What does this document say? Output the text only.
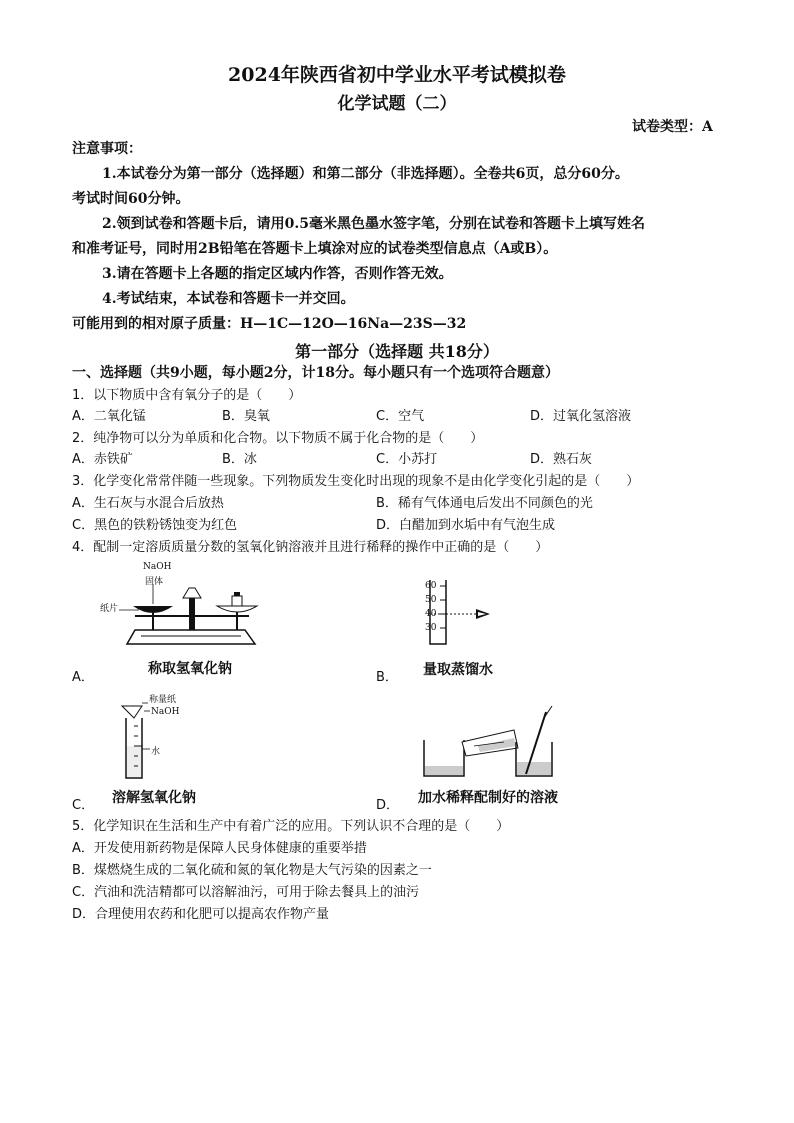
2024年陕西省初中学业水平考试模拟卷
化学试题（二）
试卷类型：A
注意事项：
1.本试卷分为第一部分（选择题）和第二部分（非选择题）。全卷共6页，总分60分。
考试时间60分钟。
2.领到试卷和答题卡后，请用0.5毫米黑色墨水签字笔，分别在试卷和答题卡上填写姓名
和准考证号，同时用2B铅笔在答题卡上填涂对应的试卷类型信息点（A或B）。
3.请在答题卡上各题的指定区域内作答，否则作答无效。
4.考试结束，本试卷和答题卡一并交回。
可能用到的相对原子质量：H—1C—12O—16Na—23S—32
第一部分（选择题 共18分）
一、选择题（共9小题，每小题2分，计18分。每小题只有一个选项符合题意）
1．以下物质中含有氧分子的是（　　）
A．二氧化锰	B．臭氧	C．空气	D．过氧化氢溶液
2．纯净物可以分为单质和化合物。以下物质不属于化合物的是（　　）
A．赤铁矿	B．冰	C．小苏打	D．熟石灰
3．化学变化常常伴随一些现象。下列物质发生变化时出现的现象不是由化学变化引起的是（　　）
A．生石灰与水混合后放热	B．稀有气体通电后发出不同颜色的光
C．黑色的铁粉锈蚀变为红色	D．白醋加到水垢中有气泡生成
4．配制一定溶质质量分数的氢氧化钠溶液并且进行稀释的操作中正确的是（　　）
A．
NaOH
固体
纸片
称取氢氧化钠
B．
60
50
40
30
量取蒸馏水
C．
称量纸
NaOH
水
溶解氢氧化钠	D． 加水稀释配制好的溶液
5．化学知识在生活和生产中有着广泛的应用。下列认识不合理的是（　　）
A．开发使用新药物是保障人民身体健康的重要举措
B．煤燃烧生成的二氧化硫和氮的氧化物是大气污染的因素之一
C．汽油和洗洁精都可以溶解油污，可用于除去餐具上的油污
D．合理使用农药和化肥可以提高农作物产量
